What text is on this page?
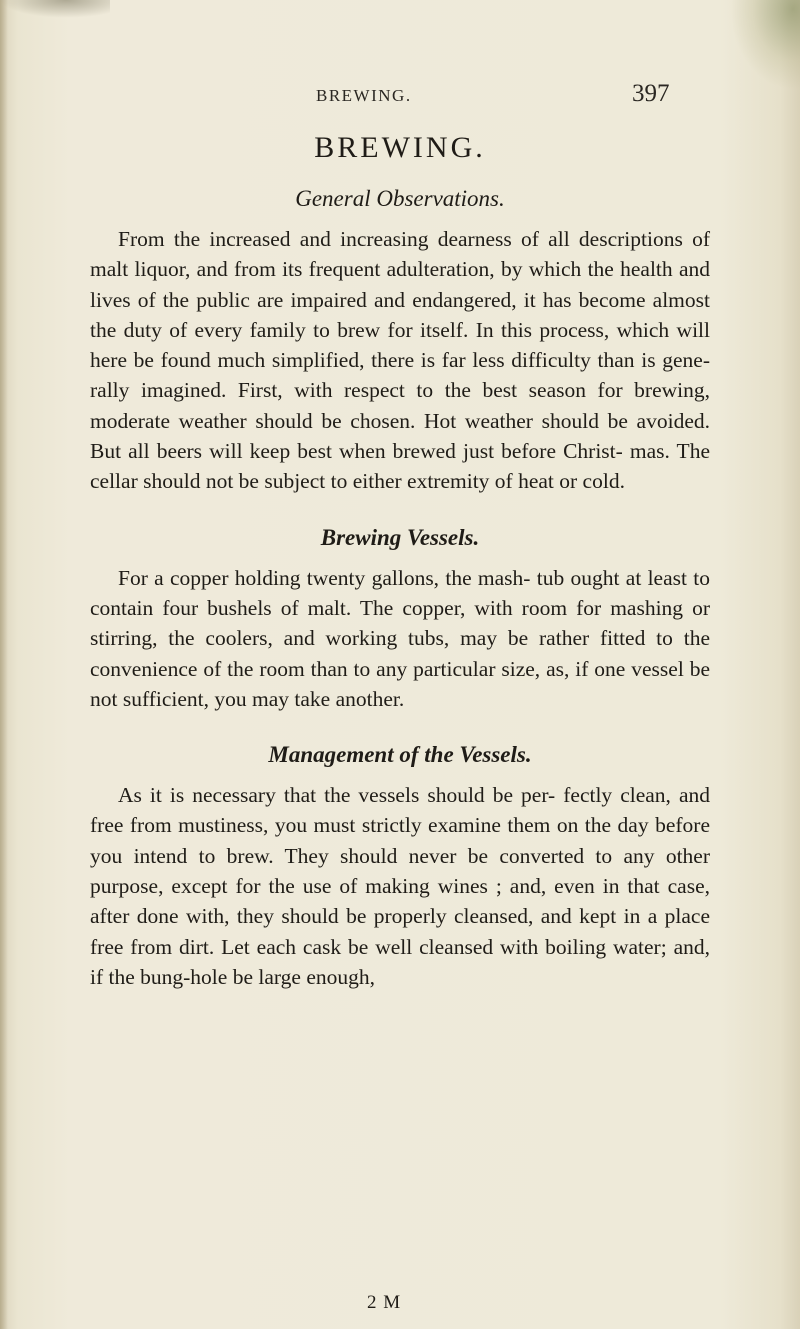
BREWING.	397
BREWING.
General Observations.

From the increased and increasing dearness of all descriptions of malt liquor, and from its frequent adulteration, by which the health and lives of the public are impaired and endangered, it has become almost the duty of every family to brew for itself. In this process, which will here be found much simplified, there is far less difficulty than is gene- rally imagined. First, with respect to the best season for brewing, moderate weather should be chosen. Hot weather should be avoided. But all beers will keep best when brewed just before Christ- mas. The cellar should not be subject to either extremity of heat or cold.

Brewing Vessels.

For a copper holding twenty gallons, the mash- tub ought at least to contain four bushels of malt. The copper, with room for mashing or stirring, the coolers, and working tubs, may be rather fitted to the convenience of the room than to any particular size, as, if one vessel be not sufficient, you may take another.

Management of the Vessels.

As it is necessary that the vessels should be per- fectly clean, and free from mustiness, you must strictly examine them on the day before you intend to brew. They should never be converted to any other purpose, except for the use of making wines ; and, even in that case, after done with, they should be properly cleansed, and kept in a place free from dirt. Let each cask be well cleansed with boiling water; and, if the bung-hole be large enough,

2 M
